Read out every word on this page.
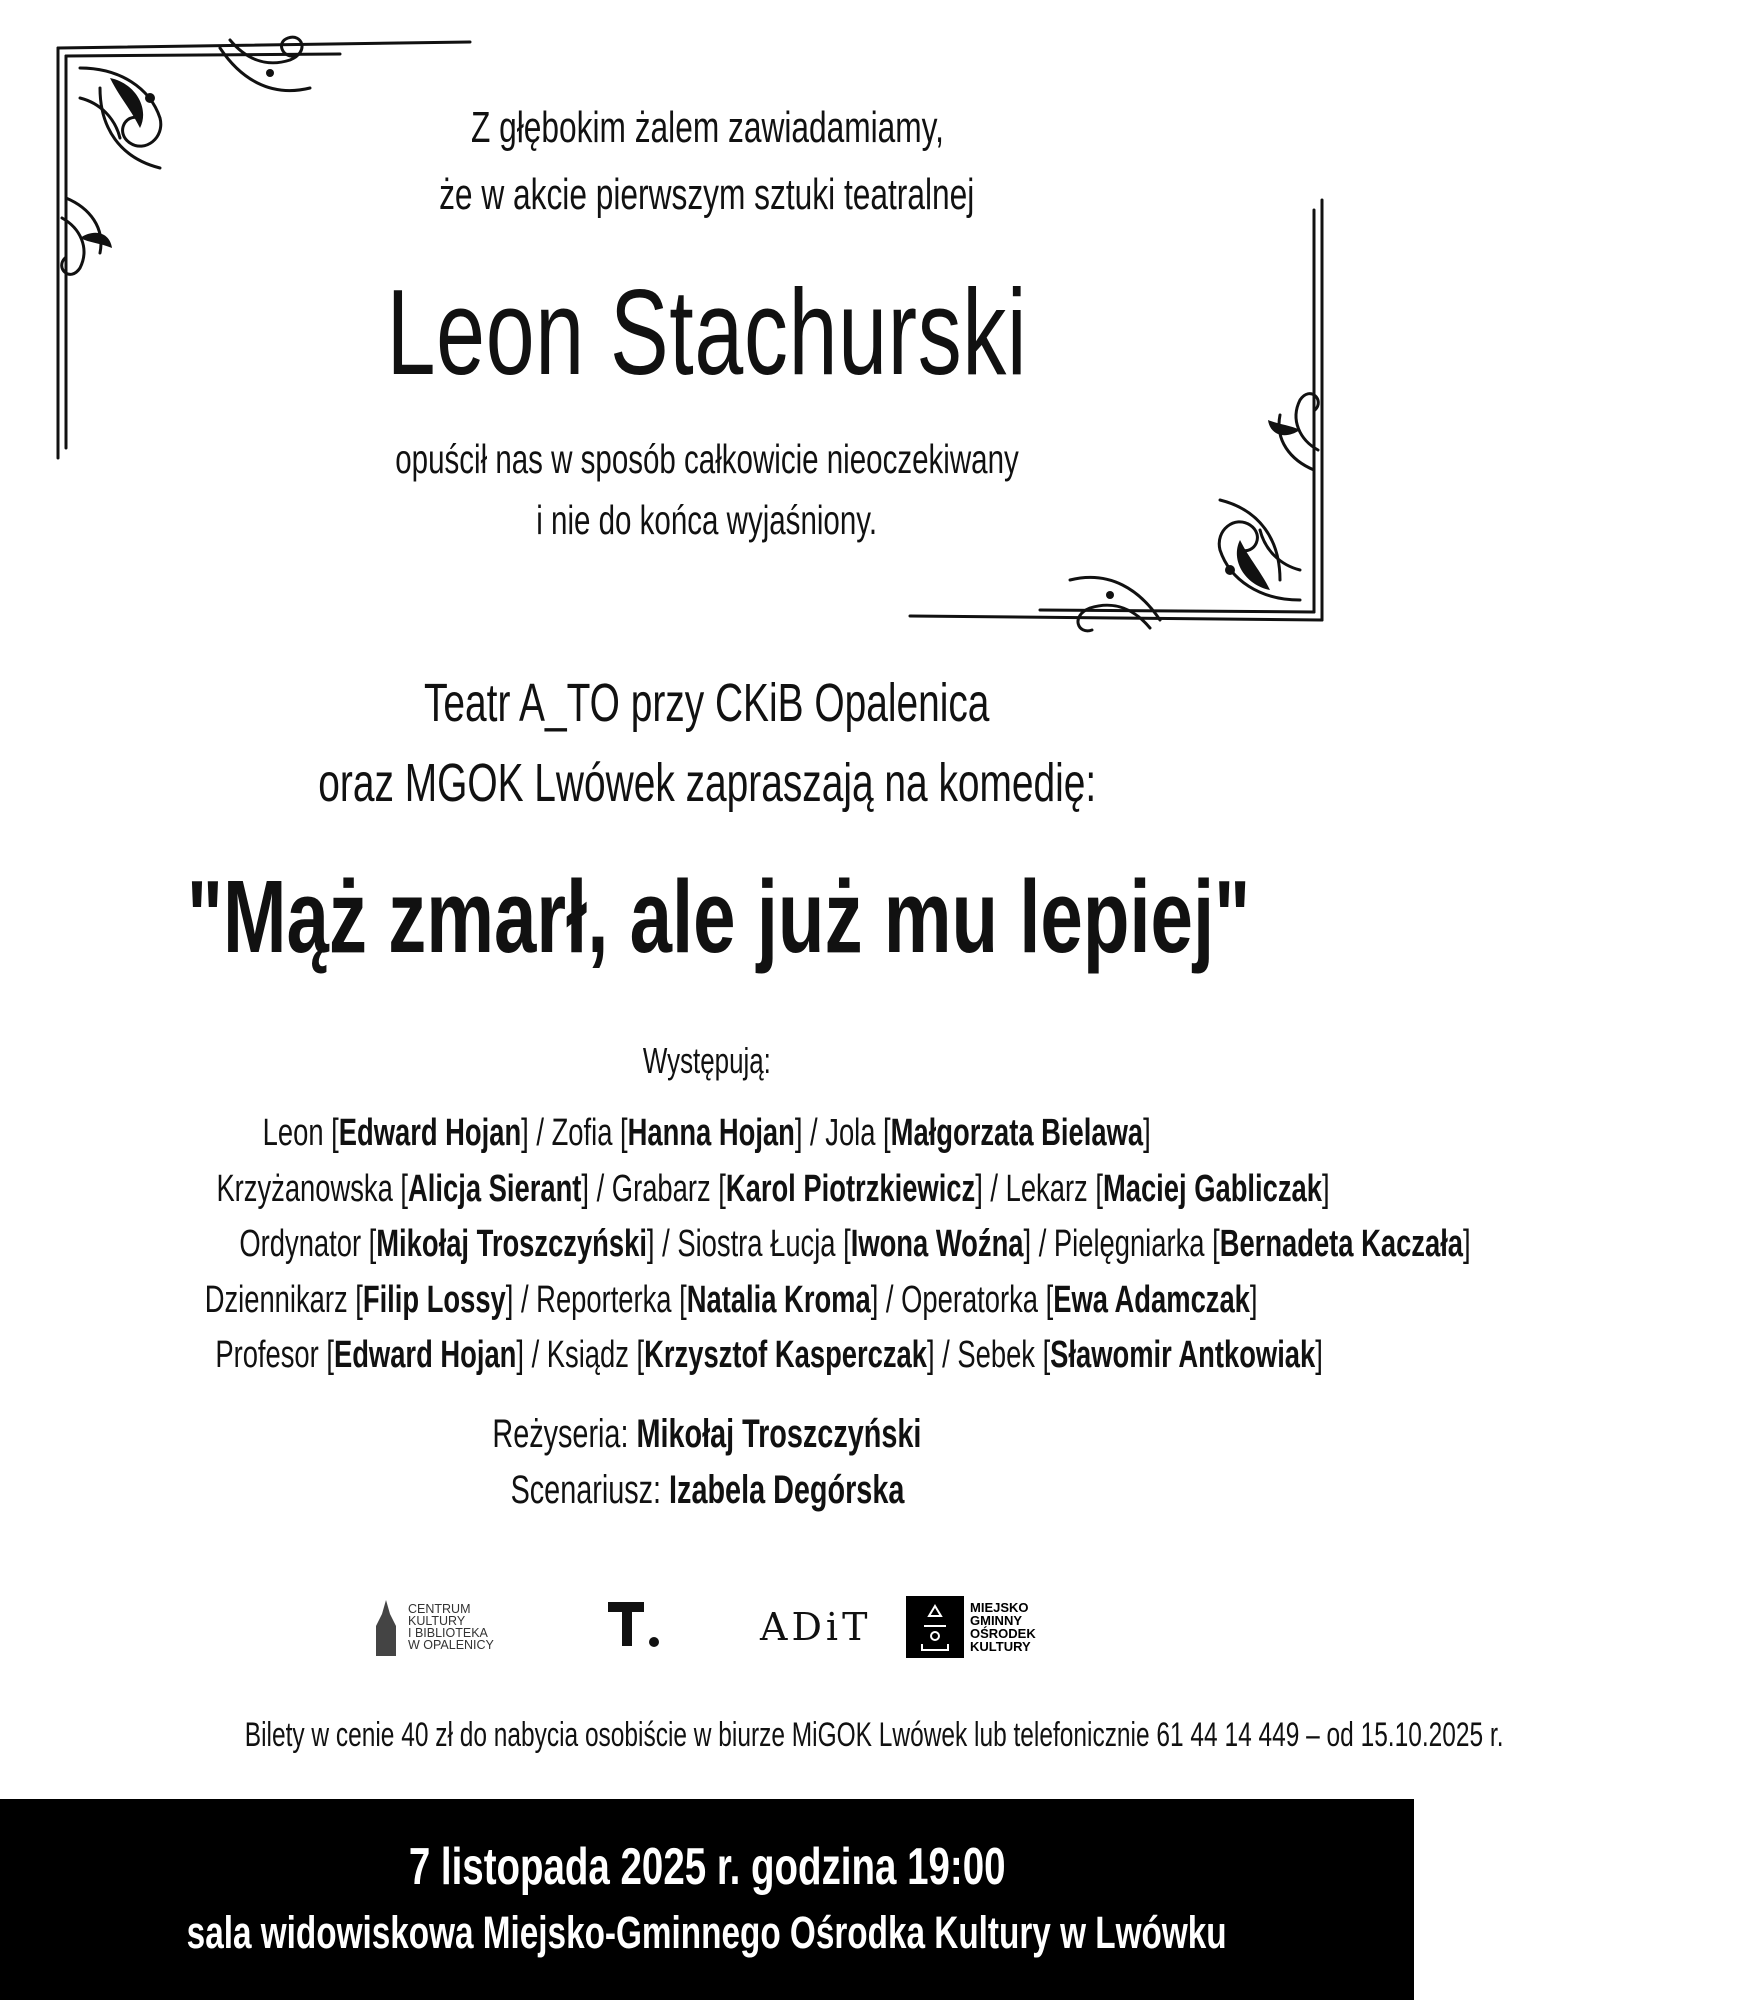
Z głębokim żalem zawiadamiamy,
że w akcie pierwszym sztuki teatralnej
Leon Stachurski
opuścił nas w sposób całkowicie nieoczekiwany
i nie do końca wyjaśniony.
Teatr A_TO przy CKiB Opalenica
oraz MGOK Lwówek zapraszają na komedię:
"Mąż zmarł, ale już mu lepiej"
Występują:
Leon [Edward Hojan] / Zofia [Hanna Hojan] / Jola [Małgorzata Bielawa]
Krzyżanowska [Alicja Sierant] / Grabarz [Karol Piotrzkiewicz] / Lekarz [Maciej Gabliczak]
Ordynator [Mikołaj Troszczyński] / Siostra Łucja [Iwona Woźna] / Pielęgniarka [Bernadeta Kaczała]
Dziennikarz [Filip Lossy] / Reporterka [Natalia Kroma] / Operatorka [Ewa Adamczak]
Profesor [Edward Hojan] / Ksiądz [Krzysztof Kasperczak] / Sebek [Sławomir Antkowiak]
Reżyseria: Mikołaj Troszczyński
Scenariusz: Izabela Degórska
CENTRUM
KULTURY
I BIBLIOTEKA
W OPALENICY	ADiT	MIEJSKO
GMINNY
OŚRODEK
KULTURY
Bilety w cenie 40 zł do nabycia osobiście w biurze MiGOK Lwówek lub telefonicznie 61 44 14 449 – od 15.10.2025 r.
7 listopada 2025 r. godzina 19:00
sala widowiskowa Miejsko-Gminnego Ośrodka Kultury w Lwówku
